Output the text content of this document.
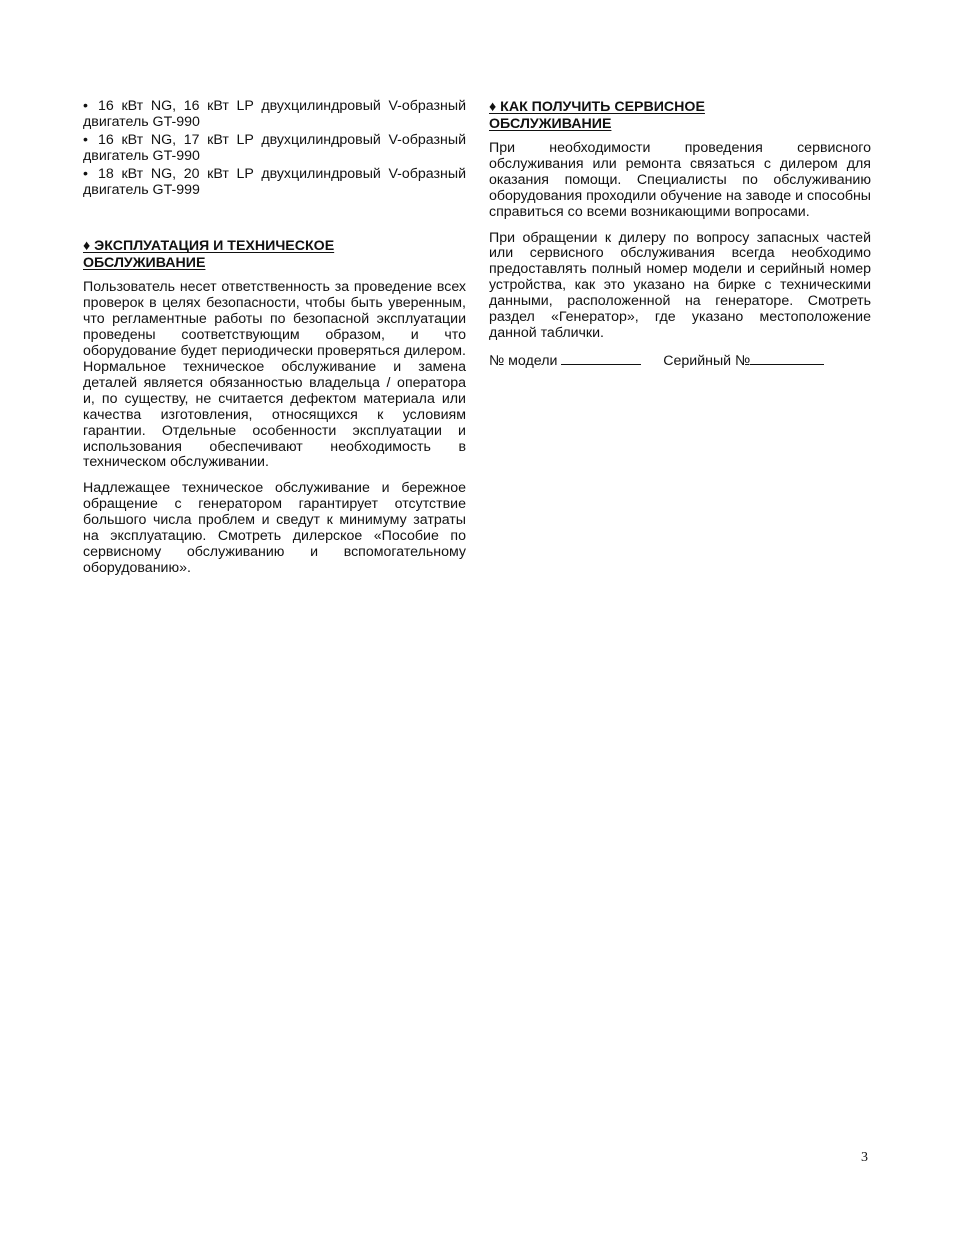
• 16 кВт NG, 16 кВт LP двухцилиндровый V-образный двигатель GT-990
• 16 кВт NG, 17 кВт LP двухцилиндровый V-образный двигатель GT-990
• 18 кВт NG, 20 кВт LP двухцилиндровый V-образный двигатель GT-999
♦ ЭКСПЛУАТАЦИЯ И ТЕХНИЧЕСКОЕ
ОБСЛУЖИВАНИЕ

Пользователь несет ответственность за проведение всех проверок в целях безопасности, чтобы быть уверенным, что регламентные работы по безопасной эксплуатации проведены соответствующим образом, и что оборудование будет периодически проверяться дилером. Нормальное техническое обслуживание и замена деталей является обязанностью владельца / оператора и, по существу, не считается дефектом материала или качества изготовления, относящихся к условиям гарантии. Отдельные особенности эксплуатации и использования обеспечивают необходимость в техническом обслуживании.

Надлежащее техническое обслуживание и бережное обращение с генератором гарантирует отсутствие большого числа проблем и сведут к минимуму затраты на эксплуатацию. Смотреть дилерское «Пособие по сервисному обслуживанию и вспомогательному оборудованию».

♦ КАК ПОЛУЧИТЬ СЕРВИСНОЕ
ОБСЛУЖИВАНИЕ

При необходимости проведения сервисного обслуживания или ремонта связаться с дилером для оказания помощи. Специалисты по обслуживанию оборудования проходили обучение на заводе и способны справиться со всеми возникающими вопросами.

При обращении к дилеру по вопросу запасных частей или сервисного обслуживания всегда необходимо предоставлять полный номер модели и серийный номер устройства, как это указано на бирке с техническими данными, расположенной на генераторе. Смотреть раздел «Генератор», где указано местоположение данной таблички.

№ модели	Серийный №
3
